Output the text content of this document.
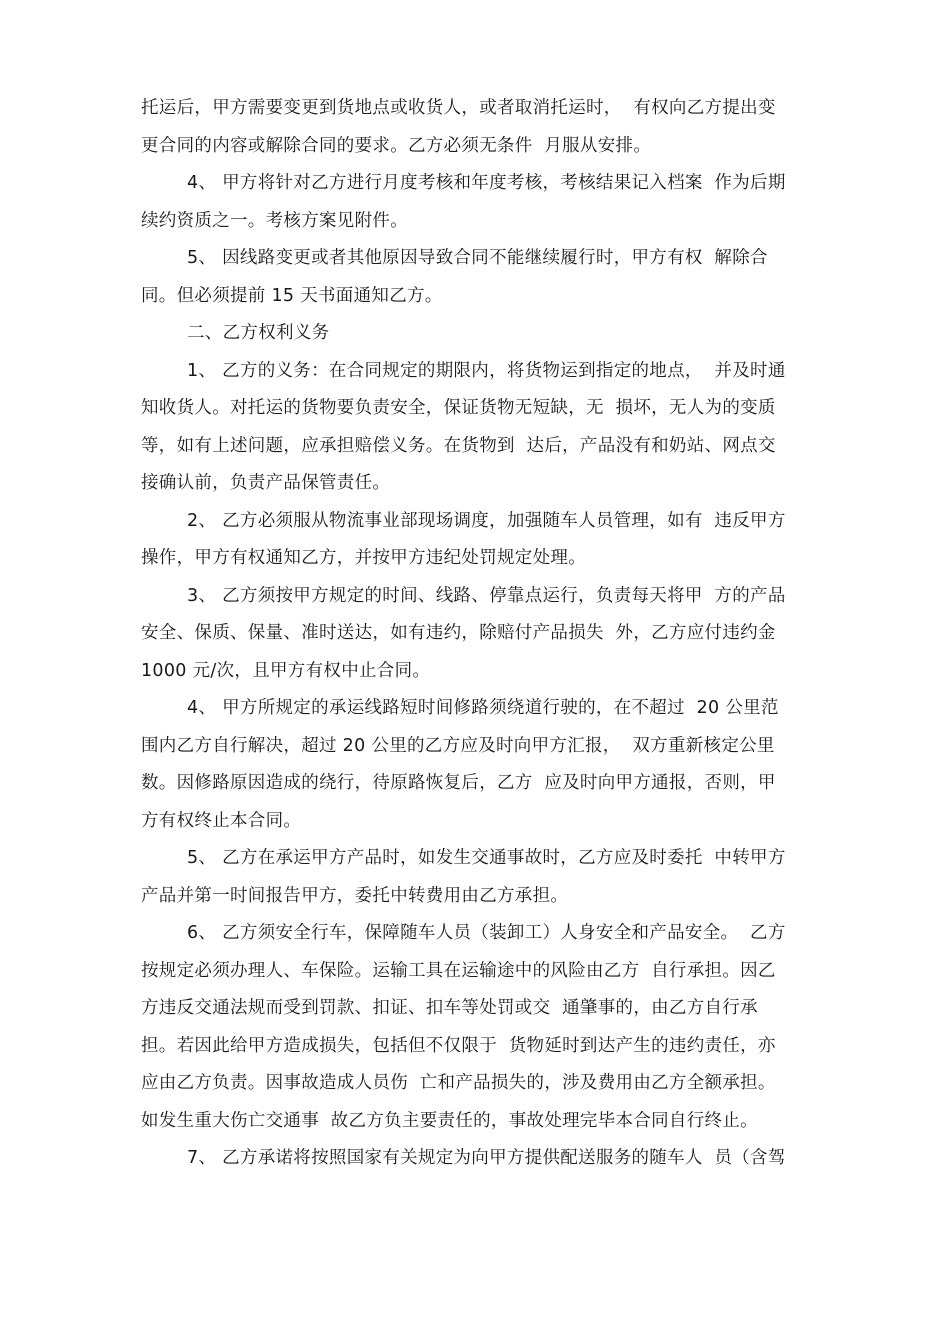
托运后，甲方需要变更到货地点或收货人，或者取消托运时，  有权向乙方提出变
更合同的内容或解除合同的要求。乙方必须无条件  月服从安排。
4、 甲方将针对乙方进行月度考核和年度考核，考核结果记入档案  作为后期
续约资质之一。考核方案见附件。
5、 因线路变更或者其他原因导致合同不能继续履行时，甲方有权  解除合
同。但必须提前 15 天书面通知乙方。
二、乙方权利义务
1、 乙方的义务：在合同规定的期限内，将货物运到指定的地点，  并及时通
知收货人。对托运的货物要负责安全，保证货物无短缺，无  损坏，无人为的变质
等，如有上述问题，应承担赔偿义务。在货物到  达后，产品没有和奶站、网点交
接确认前，负责产品保管责任。
2、 乙方必须服从物流事业部现场调度，加强随车人员管理，如有  违反甲方
操作，甲方有权通知乙方，并按甲方违纪处罚规定处理。
3、 乙方须按甲方规定的时间、线路、停靠点运行，负责每天将甲  方的产品
安全、保质、保量、准时送达，如有违约，除赔付产品损失  外，乙方应付违约金
1000 元/次，且甲方有权中止合同。
4、 甲方所规定的承运线路短时间修路须绕道行驶的，在不超过  20 公里范
围内乙方自行解决，超过 20 公里的乙方应及时向甲方汇报，  双方重新核定公里
数。因修路原因造成的绕行，待原路恢复后，乙方  应及时向甲方通报，否则，甲
方有权终止本合同。
5、 乙方在承运甲方产品时，如发生交通事故时，乙方应及时委托  中转甲方
产品并第一时间报告甲方，委托中转费用由乙方承担。
6、 乙方须安全行车，保障随车人员（装卸工）人身安全和产品安全。  乙方
按规定必须办理人、车保险。运输工具在运输途中的风险由乙方  自行承担。因乙
方违反交通法规而受到罚款、扣证、扣车等处罚或交  通肇事的，由乙方自行承
担。若因此给甲方造成损失，包括但不仅限于  货物延时到达产生的违约责任，亦
应由乙方负责。因事故造成人员伤  亡和产品损失的，涉及费用由乙方全额承担。
如发生重大伤亡交通事  故乙方负主要责任的，事故处理完毕本合同自行终止。
7、 乙方承诺将按照国家有关规定为向甲方提供配送服务的随车人  员（含驾
